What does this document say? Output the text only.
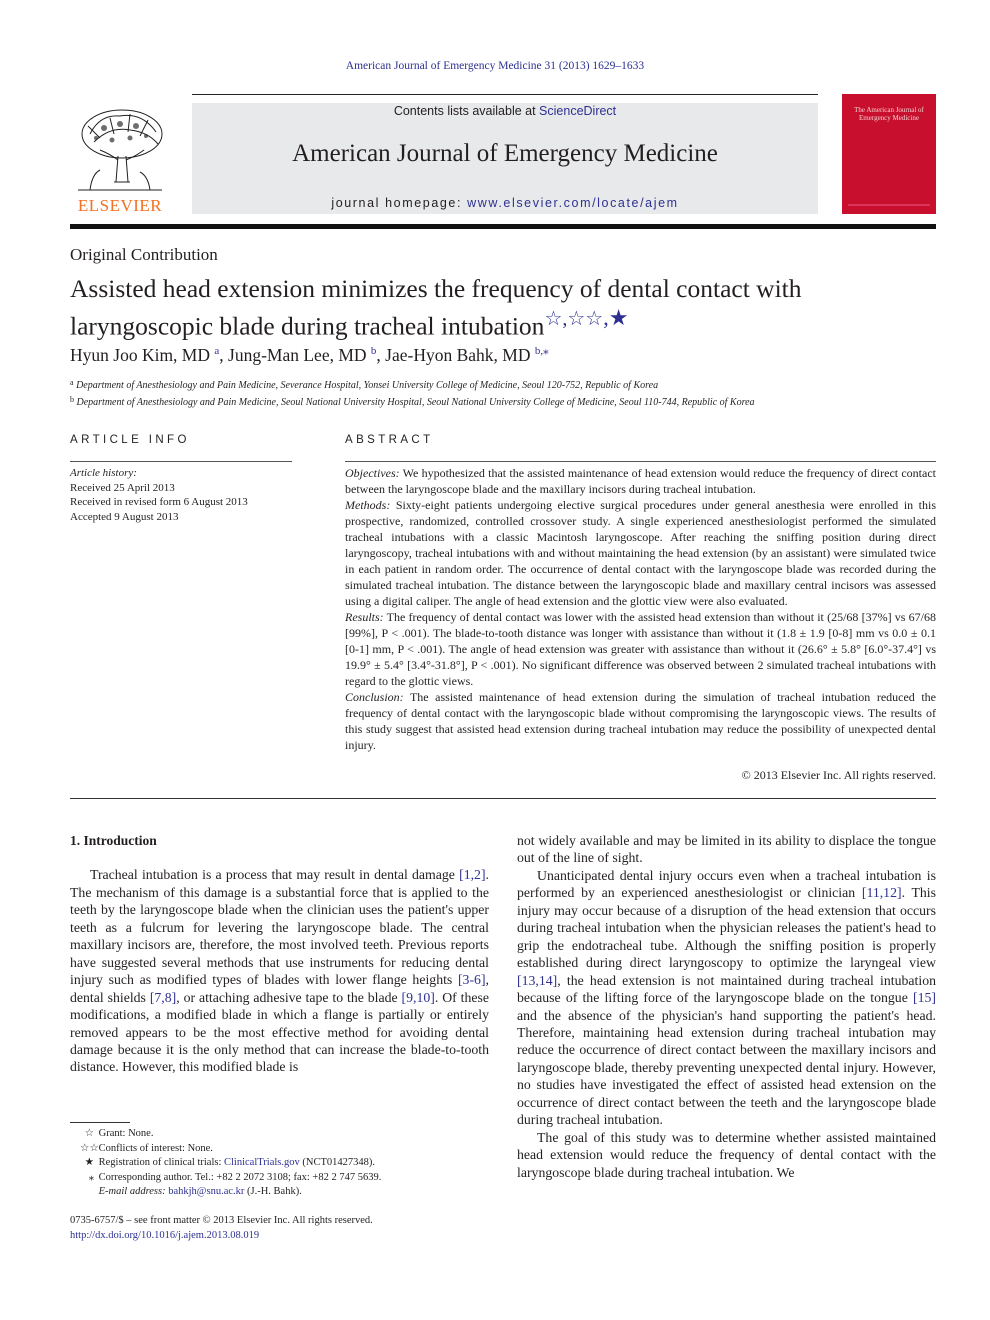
American Journal of Emergency Medicine 31 (2013) 1629–1633
ELSEVIER
Contents lists available at ScienceDirect
American Journal of Emergency Medicine
journal homepage: www.elsevier.com/locate/ajem
The American Journal of Emergency Medicine
Original Contribution
Assisted head extension minimizes the frequency of dental contact with
laryngoscopic blade during tracheal intubation☆,☆☆,★
Hyun Joo Kim, MD $^a$, Jung-Man Lee, MD $^b$, Jae-Hyon Bahk, MD $^{b,⁎}$
$^a$ Department of Anesthesiology and Pain Medicine, Severance Hospital, Yonsei University College of Medicine, Seoul 120-752, Republic of Korea
$^b$ Department of Anesthesiology and Pain Medicine, Seoul National University Hospital, Seoul National University College of Medicine, Seoul 110-744, Republic of Korea
ARTICLE INFO
Article history:
Received 25 April 2013
Received in revised form 6 August 2013
Accepted 9 August 2013
ABSTRACT
Objectives: We hypothesized that the assisted maintenance of head extension would reduce the frequency of direct contact between the laryngoscope blade and the maxillary incisors during tracheal intubation.
Methods: Sixty-eight patients undergoing elective surgical procedures under general anesthesia were enrolled in this prospective, randomized, controlled crossover study. A single experienced anesthesiologist performed the simulated tracheal intubations with a classic Macintosh laryngoscope. After reaching the sniffing position during direct laryngoscopy, tracheal intubations with and without maintaining the head extension (by an assistant) were simulated twice in each patient in random order. The occurrence of dental contact with the laryngoscope blade was recorded during the simulated tracheal intubation. The distance between the laryngoscopic blade and maxillary central incisors was assessed using a digital caliper. The angle of head extension and the glottic view were also evaluated.
Results: The frequency of dental contact was lower with the assisted head extension than without it (25/68 [37%] vs 67/68 [99%], P < .001). The blade-to-tooth distance was longer with assistance than without it (1.8 ± 1.9 [0-8] mm vs 0.0 ± 0.1 [0-1] mm, P < .001). The angle of head extension was greater with assistance than without it (26.6° ± 5.8° [6.0°-37.4°] vs 19.9° ± 5.4° [3.4°-31.8°], P < .001). No significant difference was observed between 2 simulated tracheal intubations with regard to the glottic views.
Conclusion: The assisted maintenance of head extension during the simulation of tracheal intubation reduced the frequency of dental contact with the laryngoscopic blade without compromising the laryngoscopic views. The results of this study suggest that assisted head extension during tracheal intubation may reduce the possibility of unexpected dental injury.
© 2013 Elsevier Inc. All rights reserved.
1. Introduction

Tracheal intubation is a process that may result in dental damage [1,2]. The mechanism of this damage is a substantial force that is applied to the teeth by the laryngoscope blade when the clinician uses the patient's upper teeth as a fulcrum for levering the laryngoscope blade. The central maxillary incisors are, therefore, the most involved teeth. Previous reports have suggested several methods that use instruments for reducing dental injury such as modified types of blades with lower flange heights [3-6], dental shields [7,8], or attaching adhesive tape to the blade [9,10]. Of these modifications, a modified blade in which a flange is partially or entirely removed appears to be the most effective method for avoiding dental damage because it is the only method that can increase the blade-to-tooth distance. However, this modified blade is

not widely available and may be limited in its ability to displace the tongue out of the line of sight.

Unanticipated dental injury occurs even when a tracheal intubation is performed by an experienced anesthesiologist or clinician [11,12]. This injury may occur because of a disruption of the head extension that occurs during tracheal intubation when the physician releases the patient's head to grip the endotracheal tube. Although the sniffing position is properly established during direct laryngoscopy to optimize the laryngeal view [13,14], the head extension is not maintained during tracheal intubation because of the lifting force of the laryngoscope blade on the tongue [15] and the absence of the physician's hand supporting the patient's head. Therefore, maintaining head extension during tracheal intubation may reduce the occurrence of direct contact between the maxillary incisors and laryngoscope blade, thereby preventing unexpected dental injury. However, no studies have investigated the effect of assisted head extension on the occurrence of direct contact between the teeth and the laryngoscope blade during tracheal intubation.

The goal of this study was to determine whether assisted maintained head extension would reduce the frequency of dental contact with the laryngoscope blade during tracheal intubation. We

☆ Grant: None.
☆☆ Conflicts of interest: None.
★ Registration of clinical trials: ClinicalTrials.gov (NCT01427348).
⁎ Corresponding author. Tel.: +82 2 2072 3108; fax: +82 2 747 5639.
E-mail address: bahkjh@snu.ac.kr (J.-H. Bahk).
0735-6757/$ – see front matter © 2013 Elsevier Inc. All rights reserved.
http://dx.doi.org/10.1016/j.ajem.2013.08.019
